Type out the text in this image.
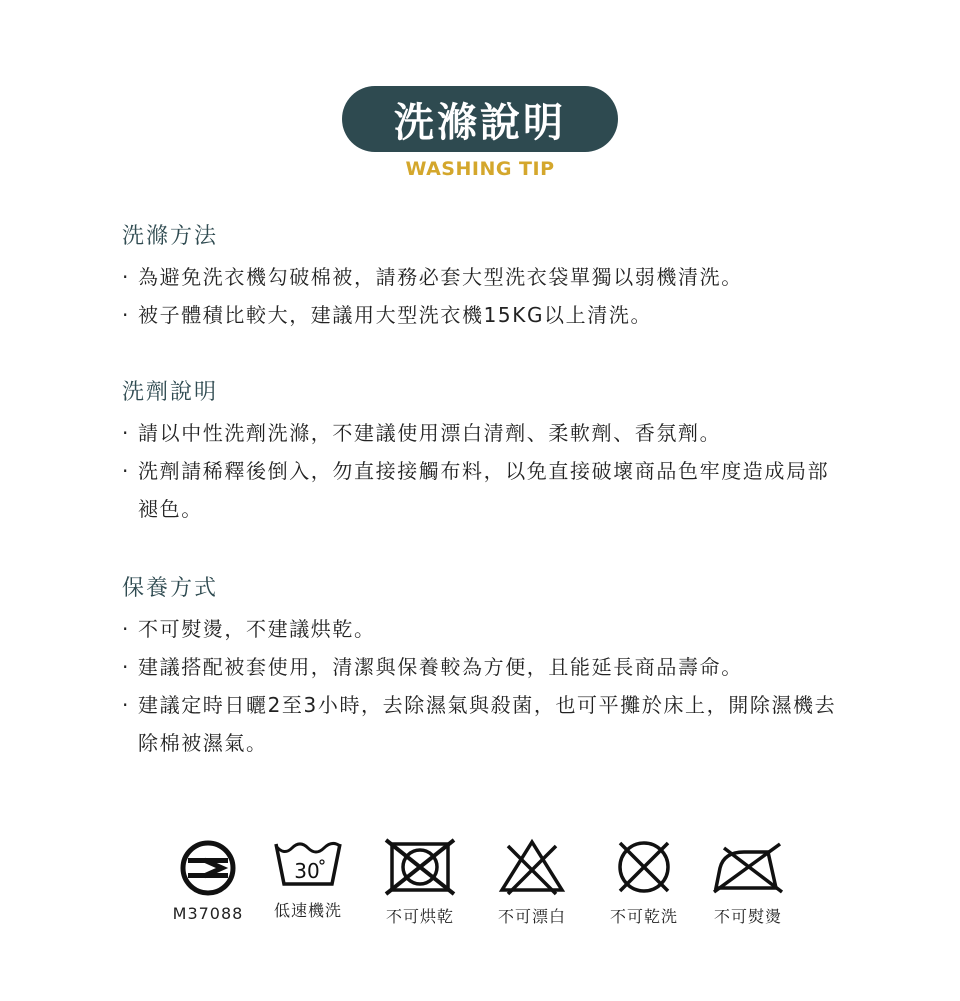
洗滌說明
WASHING TIP
洗滌方法
· 為避免洗衣機勾破棉被，請務必套大型洗衣袋單獨以弱機清洗。
· 被子體積比較大，建議用大型洗衣機15KG以上清洗。
洗劑說明
· 請以中性洗劑洗滌，不建議使用漂白清劑、柔軟劑、香氛劑。
· 洗劑請稀釋後倒入，勿直接接觸布料，以免直接破壞商品色牢度造成局部褪色。
保養方式
· 不可熨燙，不建議烘乾。
· 建議搭配被套使用，清潔與保養較為方便，且能延長商品壽命。
· 建議定時日曬2至3小時，去除濕氣與殺菌，也可平攤於床上，開除濕機去除棉被濕氣。
M37088
30
低速機洗	不可烘乾	不可漂白	不可乾洗	不可熨燙
